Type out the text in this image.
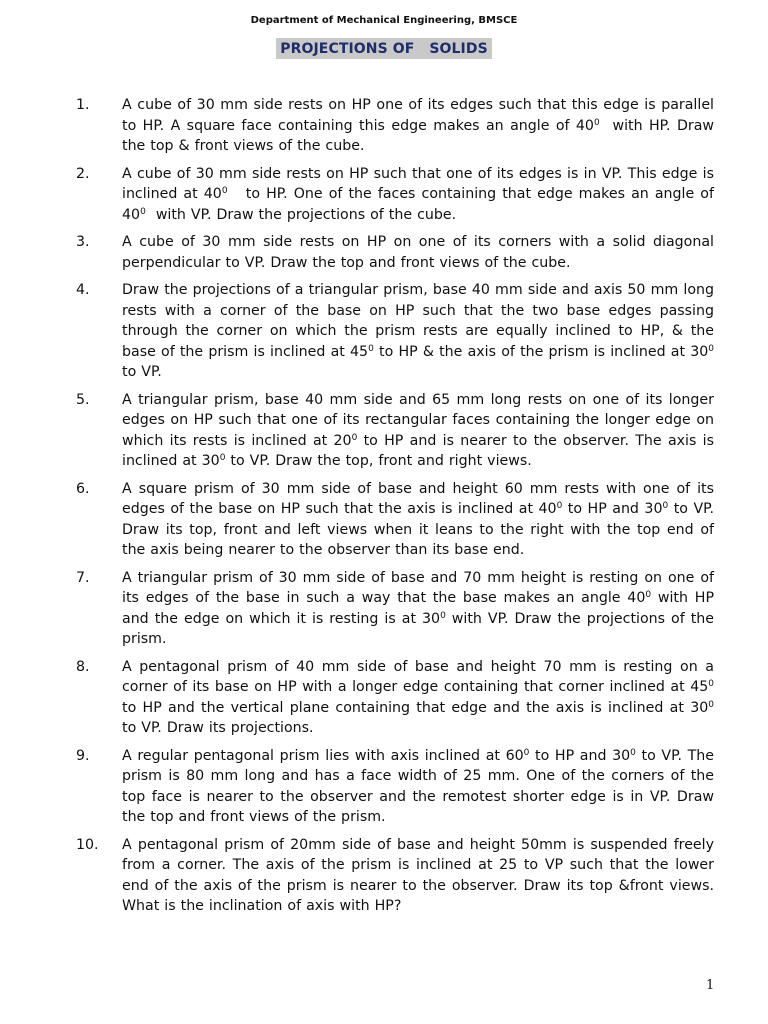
Department of Mechanical Engineering, BMSCE
PROJECTIONS OF   SOLIDS
1. A cube of 30 mm side rests on HP one of its edges such that this edge is parallel to HP. A square face containing this edge makes an angle of $40^0$  with HP. Draw the top & front views of the cube.
2. A cube of 30 mm side rests on HP such that one of its edges is in VP. This edge is inclined at $40^0$   to HP. One of the faces containing that edge makes an angle of $40^0$  with VP. Draw the projections of the cube.
3. A cube of 30 mm side rests on HP on one of its corners with a solid diagonal perpendicular to VP. Draw the top and front views of the cube.
4. Draw the projections of a triangular prism, base 40 mm side and axis 50 mm long rests with a corner of the base on HP such that the two base edges passing through the corner on which the prism rests are equally inclined to HP, & the base of the prism is inclined at $45^0$ to HP & the axis of the prism is inclined at $30^0$ to VP.
5. A triangular prism, base 40 mm side and 65 mm long rests on one of its longer edges on HP such that one of its rectangular faces containing the longer edge on which its rests is inclined at $20^0$ to HP and is nearer to the observer. The axis is inclined at $30^0$ to VP. Draw the top, front and right views.
6. A square prism of 30 mm side of base and height 60 mm rests with one of its edges of the base on HP such that the axis is inclined at $40^0$ to HP and $30^0$ to VP. Draw its top, front and left views when it leans to the right with the top end of the axis being nearer to the observer than its base end.
7. A triangular prism of 30 mm side of base and 70 mm height is resting on one of its edges of the base in such a way that the base makes an angle $40^0$ with HP and the edge on which it is resting is at $30^0$ with VP. Draw the projections of the prism.
8. A pentagonal prism of 40 mm side of base and height 70 mm is resting on a corner of its base on HP with a longer edge containing that corner inclined at $45^0$ to HP and the vertical plane containing that edge and the axis is inclined at $30^0$ to VP. Draw its projections.
9. A regular pentagonal prism lies with axis inclined at $60^0$ to HP and $30^0$ to VP. The prism is 80 mm long and has a face width of 25 mm. One of the corners of the top face is nearer to the observer and the remotest shorter edge is in VP. Draw the top and front views of the prism.
10. A pentagonal prism of 20mm side of base and height 50mm is suspended freely from a corner. The axis of the prism is inclined at 25 to VP such that the lower end of the axis of the prism is nearer to the observer. Draw its top &front views. What is the inclination of axis with HP?
1
